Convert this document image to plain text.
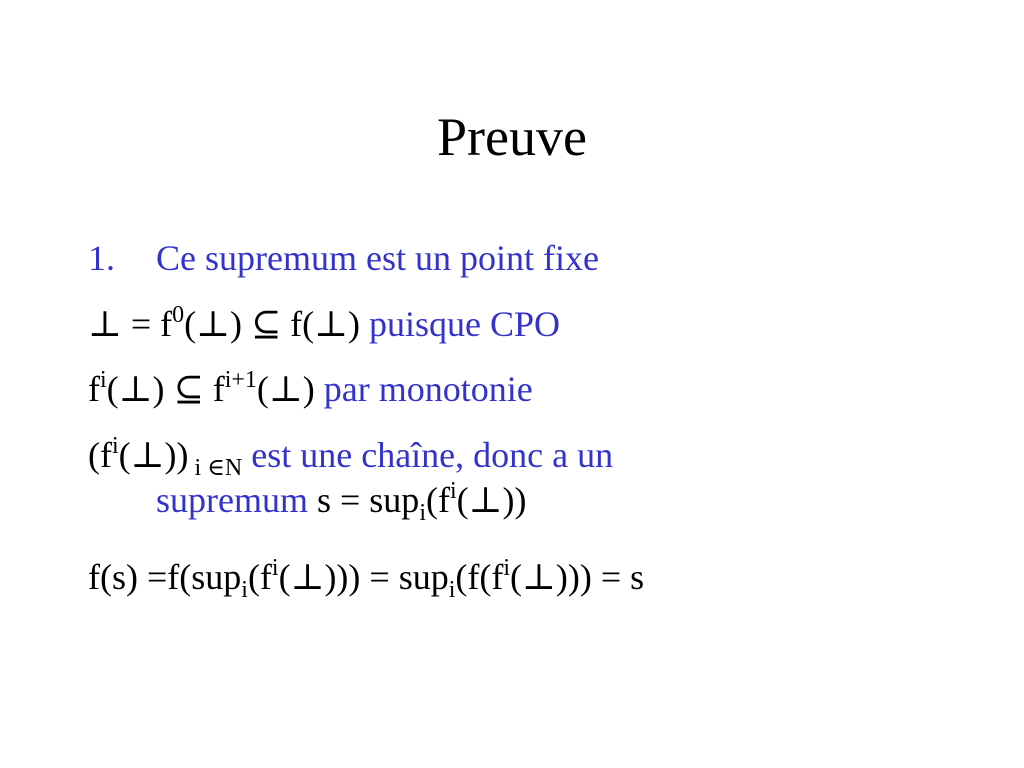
Preuve
1. Ce supremum est un point fixe
⊥ = $f^0(\perp)$ ⊆ f(⊥) puisque CPO
$f^i(\perp)$ ⊆ $f^{i+1}(\perp)$ par monotonie
$(f^i(\perp))$ $_{i \in N}$ est une chaîne, donc a un
supremum $s = sup_i(f^i(\perp))$
$f(s) =f(sup_i(f^i(\perp)))$ = $sup_i(f(f^i(\perp))) = s$
